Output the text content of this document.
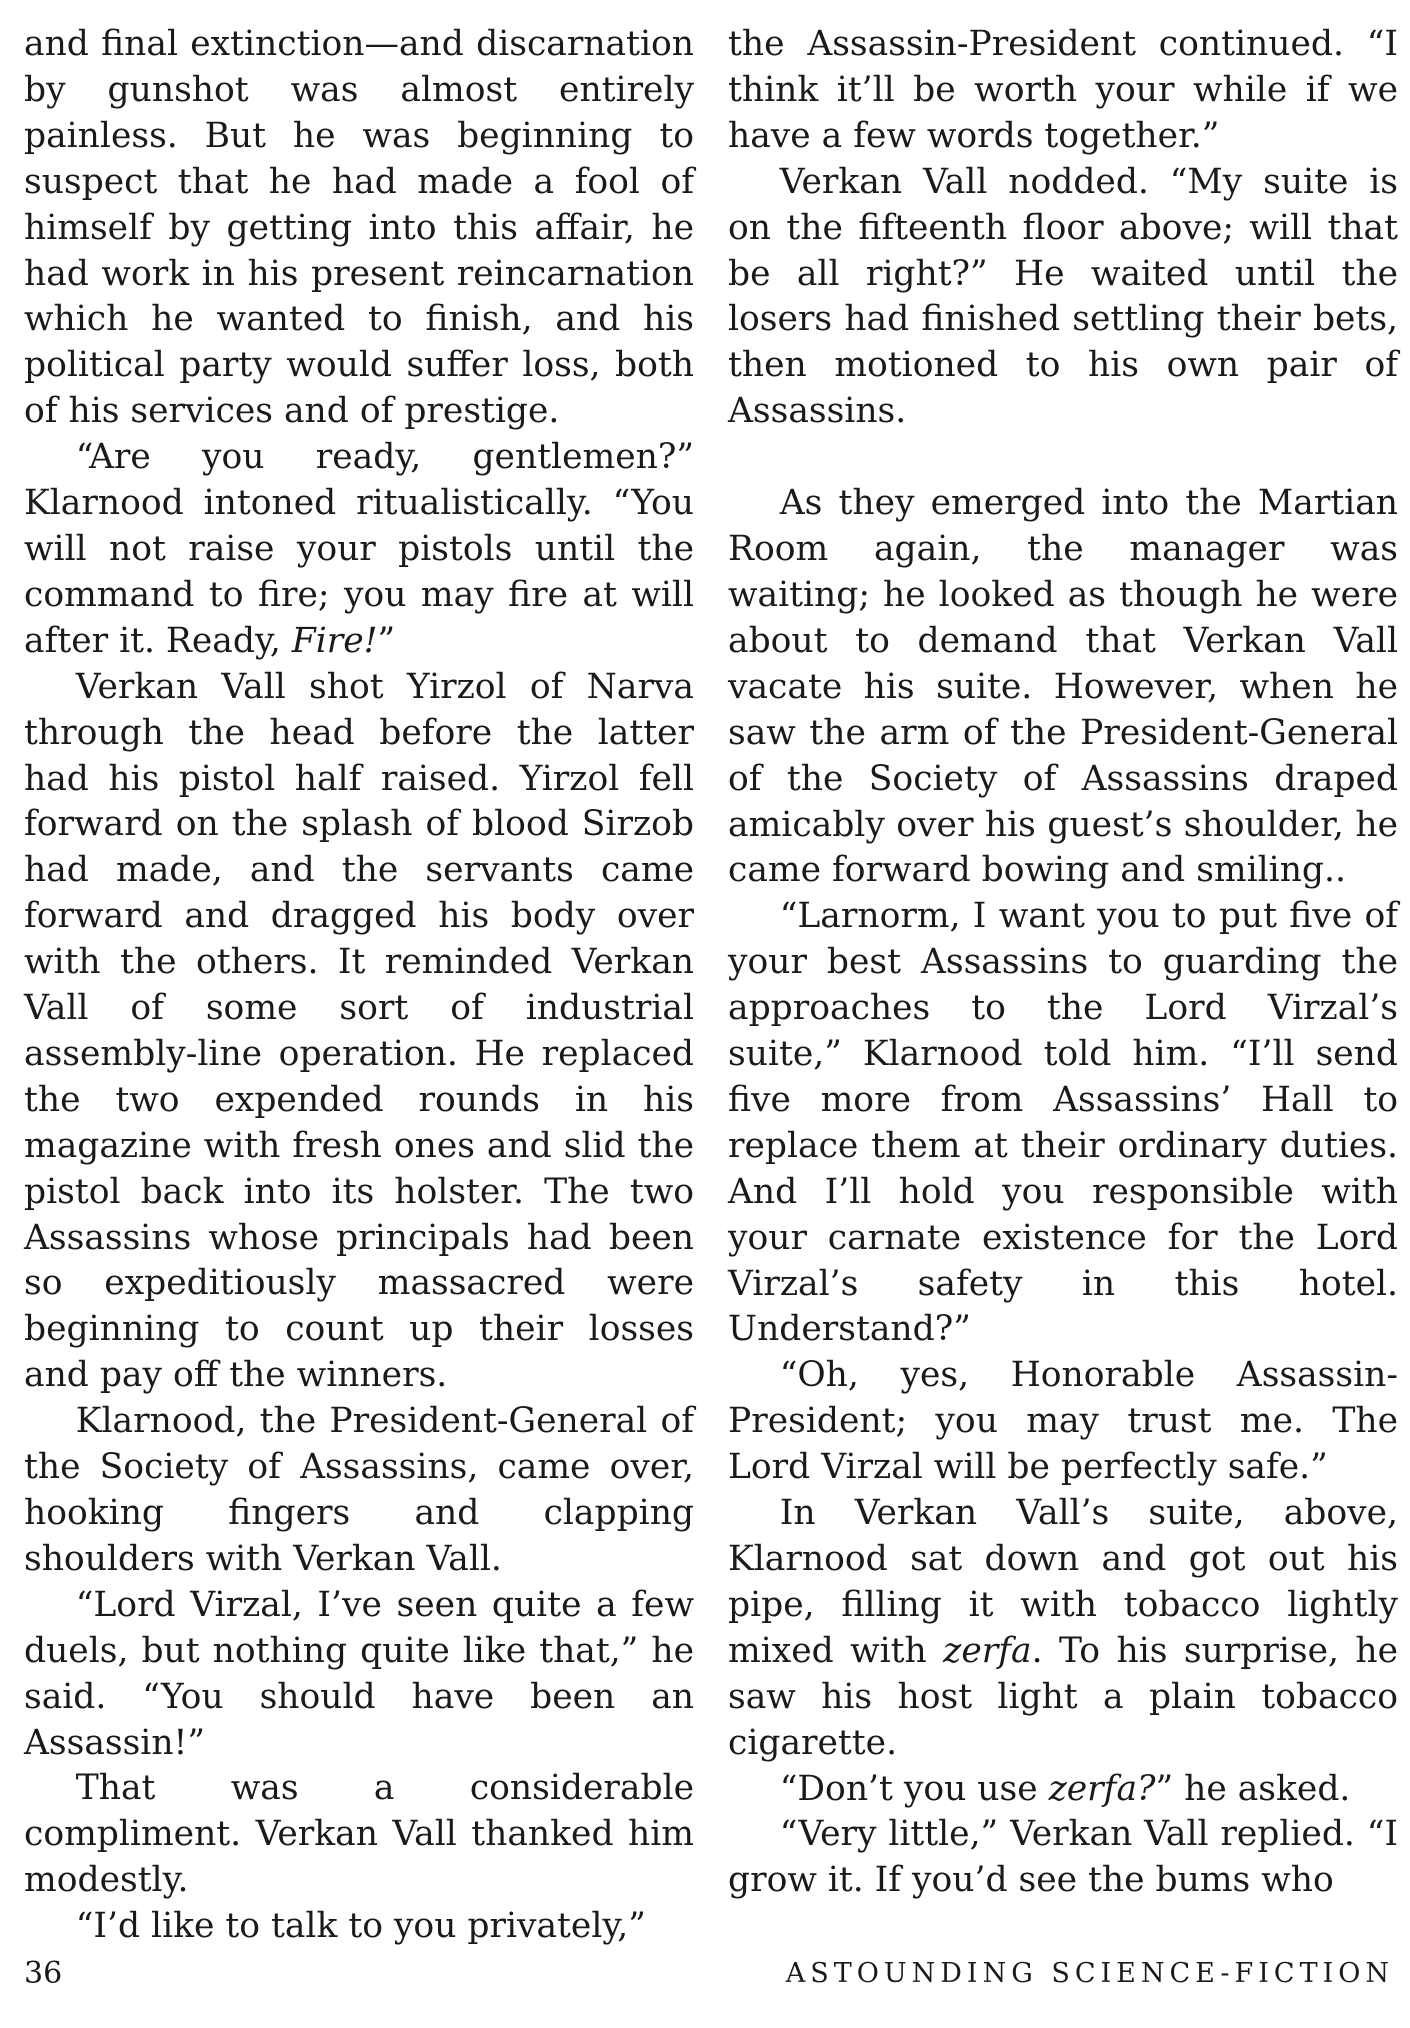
and final extinction—and discarnation by gunshot was almost entirely painless. But he was beginning to suspect that he had made a fool of himself by getting into this affair, he had work in his present reincarnation which he wanted to finish, and his political party would suffer loss, both of his services and of prestige.

“Are you ready, gentlemen?” Klarnood intoned ritualistically. “You will not raise your pistols until the command to fire; you may fire at will after it. Ready, Fire!”

Verkan Vall shot Yirzol of Narva through the head before the latter had his pistol half raised. Yirzol fell forward on the splash of blood Sirzob had made, and the servants came forward and dragged his body over with the others. It reminded Verkan Vall of some sort of industrial assembly-line operation. He replaced the two expended rounds in his magazine with fresh ones and slid the pistol back into its holster. The two Assassins whose principals had been so expeditiously massacred were beginning to count up their losses and pay off the winners.

Klarnood, the President-General of the Society of Assassins, came over, hooking fingers and clapping shoulders with Verkan Vall.

“Lord Virzal, I’ve seen quite a few duels, but nothing quite like that,” he said. “You should have been an Assassin!”

That was a considerable compliment. Verkan Vall thanked him modestly.

“I’d like to talk to you privately,”

the Assassin-President continued. “I think it’ll be worth your while if we have a few words together.”

Verkan Vall nodded. “My suite is on the fifteenth floor above; will that be all right?” He waited until the losers had finished settling their bets, then motioned to his own pair of Assassins.

As they emerged into the Martian Room again, the manager was waiting; he looked as though he were about to demand that Verkan Vall vacate his suite. However, when he saw the arm of the President-General of the Society of Assassins draped amicably over his guest’s shoulder, he came forward bowing and smiling..

“Larnorm, I want you to put five of your best Assassins to guarding the approaches to the Lord Virzal’s suite,” Klarnood told him. “I’ll send five more from Assassins’ Hall to replace them at their ordinary duties. And I’ll hold you responsible with your carnate existence for the Lord Virzal’s safety in this hotel. Understand?”

“Oh, yes, Honorable Assassin-President; you may trust me. The Lord Virzal will be perfectly safe.”

In Verkan Vall’s suite, above, Klarnood sat down and got out his pipe, filling it with tobacco lightly mixed with zerfa. To his surprise, he saw his host light a plain tobacco cigarette.

“Don’t you use zerfa?” he asked.

“Very little,” Verkan Vall replied. “I grow it. If you’d see the bums who

36	ASTOUNDING SCIENCE-FICTION
